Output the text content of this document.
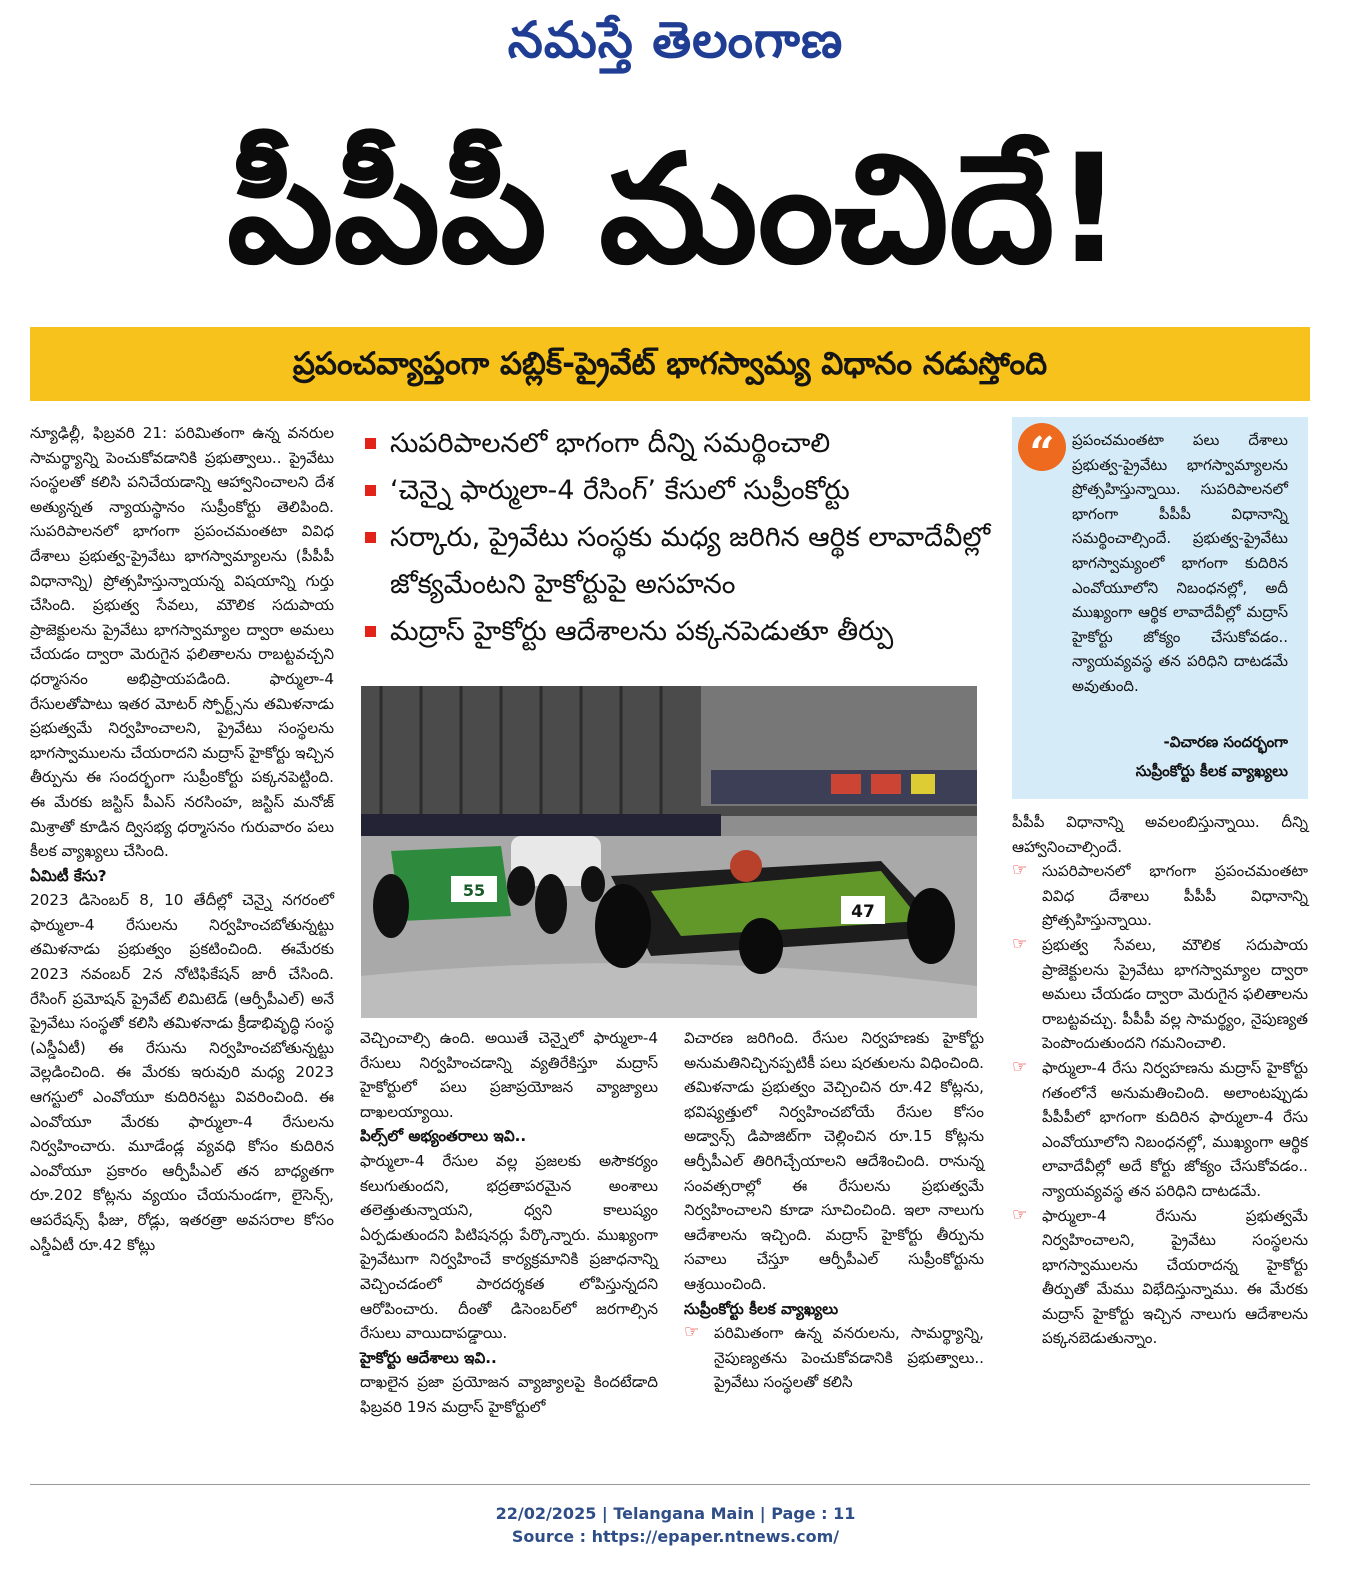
నమస్తే తెలంగాణ
పీపీపీ మంచిదే!
ప్రపంచవ్యాప్తంగా పబ్లిక్‌-ప్రైవేట్‌ భాగస్వామ్య విధానం నడుస్తోంది

న్యూఢిల్లీ, ఫిబ్రవరి 21: పరిమితంగా ఉన్న వనరుల సామర్థ్యాన్ని పెంచుకోవడానికి ప్రభుత్వాలు.. ప్రైవేటు సంస్థలతో కలిసి పనిచేయడాన్ని ఆహ్వానించాలని దేశ అత్యున్నత న్యాయస్థానం సుప్రీంకోర్టు తెలిపింది. సుపరిపాలనలో భాగంగా ప్రపంచమంతటా వివిధ దేశాలు ప్రభుత్వ-ప్రైవేటు భాగస్వామ్యాలను (పీపీపీ విధానాన్ని) ప్రోత్సహిస్తున్నాయన్న విషయాన్ని గుర్తు చేసింది. ప్రభుత్వ సేవలు, మౌలిక సదుపాయ ప్రాజెక్టులను ప్రైవేటు భాగస్వామ్యాల ద్వారా అమలు చేయడం ద్వారా మెరుగైన ఫలితాలను రాబట్టవచ్చని ధర్మాసనం అభిప్రాయపడింది. ఫార్ములా-4 రేసులతోపాటు ఇతర మోటర్‌ స్పోర్ట్స్‌ను తమిళనాడు ప్రభుత్వమే నిర్వహించాలని, ప్రైవేటు సంస్థలను భాగస్వాములను చేయరాదని మద్రాస్‌ హైకోర్టు ఇచ్చిన తీర్పును ఈ సందర్భంగా సుప్రీంకోర్టు పక్కనపెట్టింది. ఈ మేరకు జస్టిస్‌ పీఎస్‌ నరసింహ, జస్టిస్‌ మనోజ్‌ మిశ్రాతో కూడిన ద్విసభ్య ధర్మాసనం గురువారం పలు కీలక వ్యాఖ్యలు చేసింది.

ఏమిటీ కేసు?

2023 డిసెంబర్‌ 8, 10 తేదీల్లో చెన్నై నగరంలో ఫార్ములా-4 రేసులను నిర్వహించబోతున్నట్టు తమిళనాడు ప్రభుత్వం ప్రకటించింది. ఈమేరకు 2023 నవంబర్‌ 2న నోటిఫికేషన్‌ జారీ చేసింది. రేసింగ్‌ ప్రమోషన్‌ ప్రైవేట్‌ లిమిటెడ్‌ (ఆర్పీపీఎల్‌) అనే ప్రైవేటు సంస్థతో కలిసి తమిళనాడు క్రీడాభివృద్ధి సంస్థ (ఎస్డీఏటీ) ఈ రేసును నిర్వహించబోతున్నట్టు వెల్లడించింది. ఈ మేరకు ఇరువురి మధ్య 2023 ఆగస్టులో ఎంవోయూ కుదిరినట్టు వివరించింది. ఈ ఎంవోయూ మేరకు ఫార్ములా-4 రేసులను నిర్వహించారు. మూడేండ్ల వ్యవధి కోసం కుదిరిన ఎంవోయూ ప్రకారం ఆర్పీపీఎల్‌ తన బాధ్యతగా రూ.202 కోట్లను వ్యయం చేయనుండగా, లైసెన్స్‌, ఆపరేషన్స్‌ ఫీజు, రోడ్లు, ఇతరత్రా అవసరాల కోసం ఎస్డీఏటీ రూ.42 కోట్లు

సుపరిపాలనలో భాగంగా దీన్ని సమర్థించాలి
‘చెన్నై ఫార్ములా-4 రేసింగ్‌’ కేసులో సుప్రీంకోర్టు
సర్కారు, ప్రైవేటు సంస్థకు మధ్య జరిగిన ఆర్థిక లావాదేవీల్లో జోక్యమేంటని హైకోర్టుపై అసహనం
మద్రాస్‌ హైకోర్టు ఆదేశాలను పక్కనపెడుతూ తీర్పు
55
47

వెచ్చించాల్సి ఉంది. అయితే చెన్నైలో ఫార్ములా-4 రేసులు నిర్వహించడాన్ని వ్యతిరేకిస్తూ మద్రాస్‌ హైకోర్టులో పలు ప్రజాప్రయోజన వ్యాజ్యాలు దాఖలయ్యాయి.

పిల్స్‌లో అభ్యంతరాలు ఇవి..

ఫార్ములా-4 రేసుల వల్ల ప్రజలకు అసౌకర్యం కలుగుతుందని, భద్రతాపరమైన అంశాలు తలెత్తుతున్నాయని, ధ్వని కాలుష్యం ఏర్పడుతుందని పిటిషనర్లు పేర్కొన్నారు. ముఖ్యంగా ప్రైవేటుగా నిర్వహించే కార్యక్రమానికి ప్రజాధనాన్ని వెచ్చించడంలో పారదర్శకత లోపిస్తున్నదని ఆరోపించారు. దీంతో డిసెంబర్‌లో జరగాల్సిన రేసులు వాయిదాపడ్డాయి.

హైకోర్టు ఆదేశాలు ఇవి..

దాఖలైన ప్రజా ప్రయోజన వ్యాజ్యాలపై కిందటేడాది ఫిబ్రవరి 19న మద్రాస్‌ హైకోర్టులో

విచారణ జరిగింది. రేసుల నిర్వహణకు హైకోర్టు అనుమతినిచ్చినప్పటికీ పలు షరతులను విధించింది. తమిళనాడు ప్రభుత్వం వెచ్చించిన రూ.42 కోట్లను, భవిష్యత్తులో నిర్వహించబోయే రేసుల కోసం అడ్వాన్స్‌ డిపాజిట్‌గా చెల్లించిన రూ.15 కోట్లను ఆర్పీపీఎల్‌ తిరిగిచ్చేయాలని ఆదేశించింది. రానున్న సంవత్సరాల్లో ఈ రేసులను ప్రభుత్వమే నిర్వహించాలని కూడా సూచించింది. ఇలా నాలుగు ఆదేశాలను ఇచ్చింది. మద్రాస్‌ హైకోర్టు తీర్పును సవాలు చేస్తూ ఆర్పీపీఎల్‌ సుప్రీంకోర్టును ఆశ్రయించింది.

సుప్రీంకోర్టు కీలక వ్యాఖ్యలు

☞ పరిమితంగా ఉన్న వనరులను, సామర్థ్యాన్ని, నైపుణ్యతను పెంచుకోవడానికి ప్రభుత్వాలు.. ప్రైవేటు సంస్థలతో కలిసి

“	ప్రపంచమంతటా పలు దేశాలు ప్రభుత్వ-ప్రైవేటు భాగస్వామ్యాలను ప్రోత్సహిస్తున్నాయి. సుపరిపాలనలో భాగంగా పీపీపీ విధానాన్ని సమర్థించాల్సిందే. ప్రభుత్వ-ప్రైవేటు భాగస్వామ్యంలో భాగంగా కుదిరిన ఎంవోయూలోని నిబంధనల్లో, అదీ ముఖ్యంగా ఆర్థిక లావాదేవీల్లో మద్రాస్‌ హైకోర్టు జోక్యం చేసుకోవడం.. న్యాయవ్యవస్థ తన పరిధిని దాటడమే అవుతుంది.
-విచారణ సందర్భంగా
సుప్రీంకోర్టు కీలక వ్యాఖ్యలు

పీపీపీ విధానాన్ని అవలంబిస్తున్నాయి. దీన్ని ఆహ్వానించాల్సిందే.

☞ సుపరిపాలనలో భాగంగా ప్రపంచమంతటా వివిధ దేశాలు పీపీపీ విధానాన్ని ప్రోత్సహిస్తున్నాయి.

☞ ప్రభుత్వ సేవలు, మౌలిక సదుపాయ ప్రాజెక్టులను ప్రైవేటు భాగస్వామ్యాల ద్వారా అమలు చేయడం ద్వారా మెరుగైన ఫలితాలను రాబట్టవచ్చు. పీపీపీ వల్ల సామర్థ్యం, నైపుణ్యత పెంపొందుతుందని గమనించాలి.

☞ ఫార్ములా-4 రేసు నిర్వహణను మద్రాస్‌ హైకోర్టు గతంలోనే అనుమతించింది. అలాంటప్పుడు పీపీపీలో భాగంగా కుదిరిన ఫార్ములా-4 రేసు ఎంవోయూలోని నిబంధనల్లో, ముఖ్యంగా ఆర్థిక లావాదేవీల్లో అదే కోర్టు జోక్యం చేసుకోవడం.. న్యాయవ్యవస్థ తన పరిధిని దాటడమే.

☞ ఫార్ములా-4 రేసును ప్రభుత్వమే నిర్వహించాలని, ప్రైవేటు సంస్థలను భాగస్వాములను చేయరాదన్న హైకోర్టు తీర్పుతో మేము విభేదిస్తున్నాము. ఈ మేరకు మద్రాస్‌ హైకోర్టు ఇచ్చిన నాలుగు ఆదేశాలను పక్కనబెడుతున్నాం.

22/02/2025 | Telangana Main | Page : 11
Source : https://epaper.ntnews.com/
